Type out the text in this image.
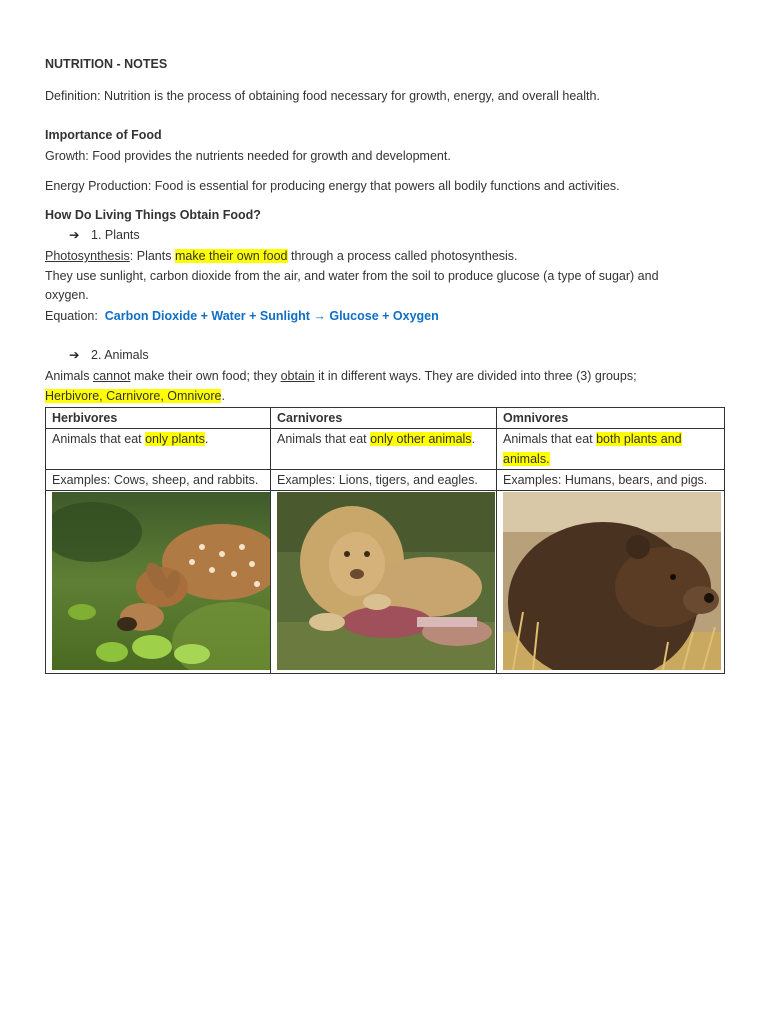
NUTRITION - NOTES
Definition: Nutrition is the process of obtaining food necessary for growth, energy, and overall health.
Importance of Food
Growth: Food provides the nutrients needed for growth and development.
Energy Production: Food is essential for producing energy that powers all bodily functions and activities.
How Do Living Things Obtain Food?
➔ 1. Plants
Photosynthesis: Plants make their own food through a process called photosynthesis.
They use sunlight, carbon dioxide from the air, and water from the soil to produce glucose (a type of sugar) and
oxygen.
Equation: Carbon Dioxide + Water + Sunlight → Glucose + Oxygen
➔ 2. Animals
Animals cannot make their own food; they obtain it in different ways. They are divided into three (3) groups;
Herbivore, Carnivore, Omnivore.
Herbivores	Carnivores	Omnivores
Animals that eat only plants.	Animals that eat only other animals.	Animals that eat both plants and animals.
Examples: Cows, sheep, and rabbits.	Examples: Lions, tigers, and eagles.	Examples: Humans, bears, and pigs.
